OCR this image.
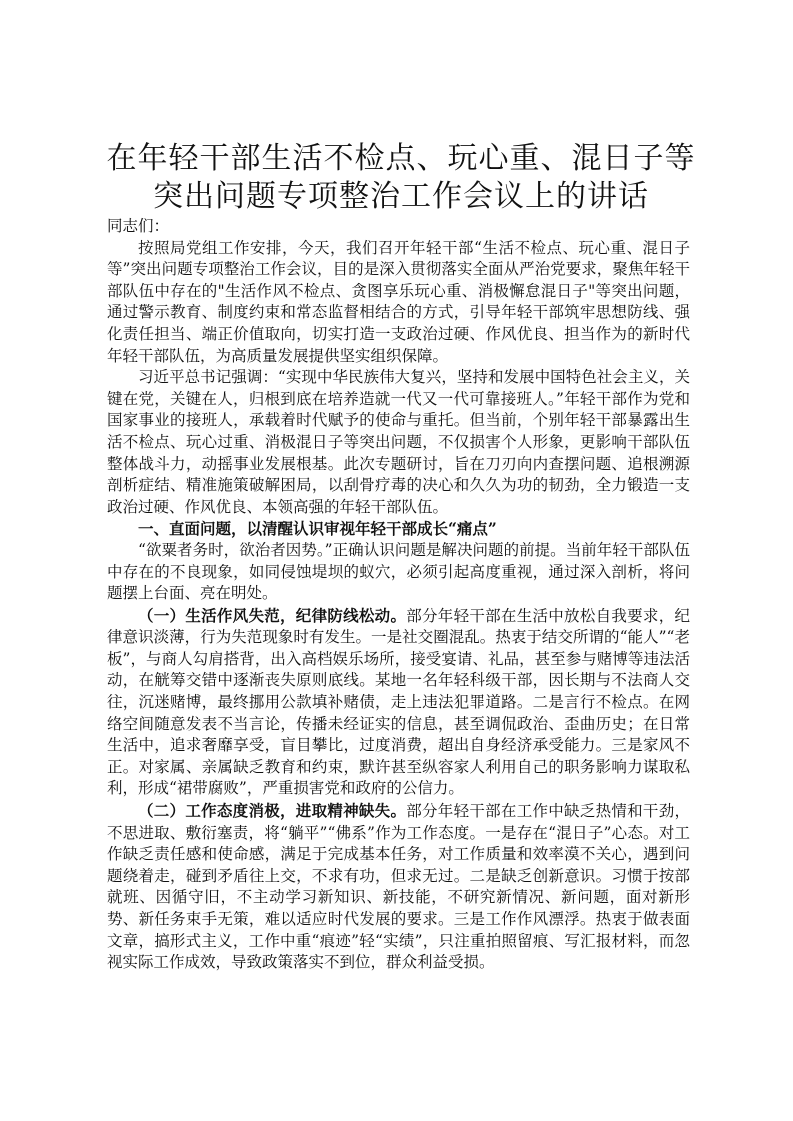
在年轻干部生活不检点、玩心重、混日子等突出问题专项整治工作会议上的讲话

同志们：

按照局党组工作安排，今天，我们召开年轻干部“生活不检点、玩心重、混日子等”突出问题专项整治工作会议，目的是深入贯彻落实全面从严治党要求，聚焦年轻干部队伍中存在的"生活作风不检点、贪图享乐玩心重、消极懈怠混日子"等突出问题，通过警示教育、制度约束和常态监督相结合的方式，引导年轻干部筑牢思想防线、强化责任担当、端正价值取向，切实打造一支政治过硬、作风优良、担当作为的新时代年轻干部队伍，为高质量发展提供坚实组织保障。

习近平总书记强调：“实现中华民族伟大复兴，坚持和发展中国特色社会主义，关键在党，关键在人，归根到底在培养造就一代又一代可靠接班人。”年轻干部作为党和国家事业的接班人，承载着时代赋予的使命与重托。但当前，个别年轻干部暴露出生活不检点、玩心过重、消极混日子等突出问题，不仅损害个人形象，更影响干部队伍整体战斗力，动摇事业发展根基。此次专题研讨，旨在刀刃向内查摆问题、追根溯源剖析症结、精准施策破解困局，以刮骨疗毒的决心和久久为功的韧劲，全力锻造一支政治过硬、作风优良、本领高强的年轻干部队伍。

一、直面问题，以清醒认识审视年轻干部成长“痛点”

“欲粟者务时，欲治者因势。”正确认识问题是解决问题的前提。当前年轻干部队伍中存在的不良现象，如同侵蚀堤坝的蚁穴，必须引起高度重视，通过深入剖析，将问题摆上台面、亮在明处。

（一）生活作风失范，纪律防线松动。部分年轻干部在生活中放松自我要求，纪律意识淡薄，行为失范现象时有发生。一是社交圈混乱。热衷于结交所谓的“能人”“老板”，与商人勾肩搭背，出入高档娱乐场所，接受宴请、礼品，甚至参与赌博等违法活动，在觥筹交错中逐渐丧失原则底线。某地一名年轻科级干部，因长期与不法商人交往，沉迷赌博，最终挪用公款填补赌债，走上违法犯罪道路。二是言行不检点。在网络空间随意发表不当言论，传播未经证实的信息，甚至调侃政治、歪曲历史；在日常生活中，追求奢靡享受，盲目攀比，过度消费，超出自身经济承受能力。三是家风不正。对家属、亲属缺乏教育和约束，默许甚至纵容家人利用自己的职务影响力谋取私利，形成“裙带腐败”，严重损害党和政府的公信力。

（二）工作态度消极，进取精神缺失。部分年轻干部在工作中缺乏热情和干劲，不思进取、敷衍塞责，将“躺平”“佛系”作为工作态度。一是存在“混日子”心态。对工作缺乏责任感和使命感，满足于完成基本任务，对工作质量和效率漠不关心，遇到问题绕着走，碰到矛盾往上交，不求有功，但求无过。二是缺乏创新意识。习惯于按部就班、因循守旧，不主动学习新知识、新技能，不研究新情况、新问题，面对新形势、新任务束手无策，难以适应时代发展的要求。三是工作作风漂浮。热衷于做表面文章，搞形式主义，工作中重“痕迹”轻“实绩”，只注重拍照留痕、写汇报材料，而忽视实际工作成效，导致政策落实不到位，群众利益受损。
